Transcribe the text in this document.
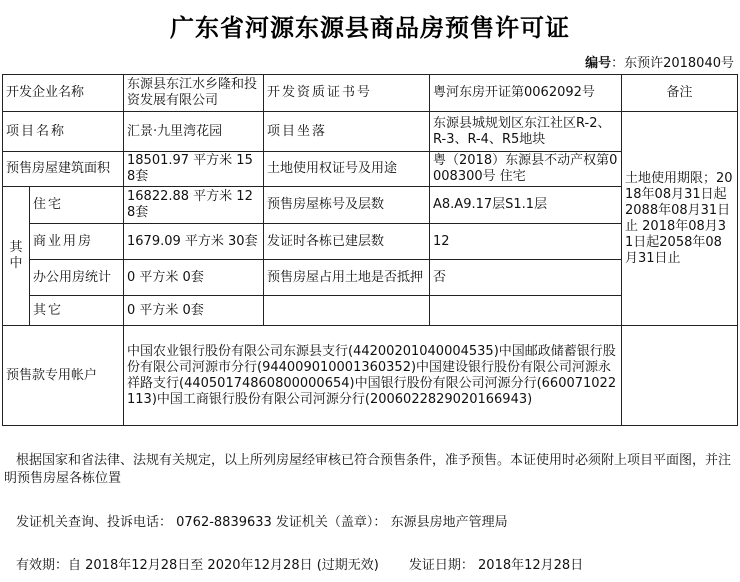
广东省河源东源县商品房预售许可证
编号：东预许2018040号
开发企业名称		东源县东江水乡隆和投资发展有限公司	开发资质证书号	粤河东房开证第0062092号	备注
项目名称		汇景·九里湾花园	项目坐落	东源县城规划区东江社区R-2、R-3、R-4、R5地块	土地使用期限；2018年08月31日起2088年08月31日止 2018年08月31日起2058年08月31日止
预售房屋建筑面积		18501.97 平方米 158套	土地使用权证号及用途	粤（2018）东源县不动产权第0008300号 住宅	
其中	住宅	16822.88 平方米 128套	预售房屋栋号及层数	A8.A9.17层S1.1层	
	商业用房	1679.09 平方米 30套	发证时各栋已建层数	12	
	办公用房统计	0 平方米 0套	预售房屋占用土地是否抵押	否	
	其它	0 平方米 0套			
预售款专用帐户		中国农业银行股份有限公司东源县支行(44200201040004535)中国邮政储蓄银行股份有限公司河源市分行(944009010001360352)中国建设银行股份有限公司河源永祥路支行(44050174860800000654)中国银行股份有限公司河源分行(660071022113)中国工商银行股份有限公司河源分行(2006022829020166943)			
根据国家和省法律、法规有关规定，以上所列房屋经审核已符合预售条件，准予预售。本证使用时必须附上项目平面图，并注明预售房屋各栋位置
发证机关查询、投诉电话： 0762-8839633 发证机关（盖章）： 东源县房地产管理局
有效期：自 2018年12月28日至 2020年12月28日 (过期无效) 发证日期： 2018年12月28日
